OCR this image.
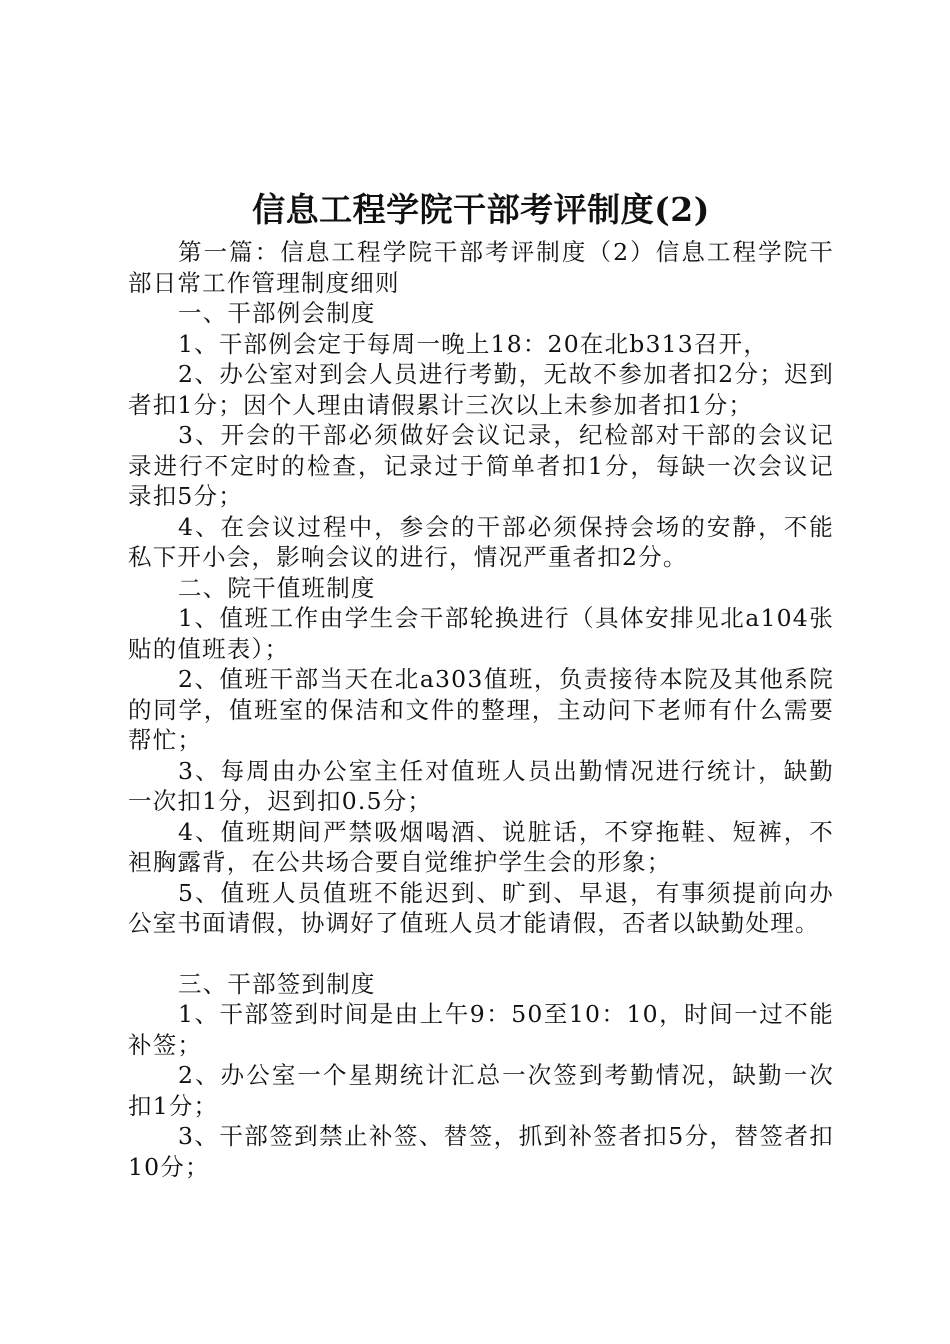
信息工程学院干部考评制度(2)

第一篇：信息工程学院干部考评制度（2）信息工程学院干部日常工作管理制度细则

一、干部例会制度

1、干部例会定于每周一晚上18：20在北b313召开，

2、办公室对到会人员进行考勤，无故不参加者扣2分；迟到者扣1分；因个人理由请假累计三次以上未参加者扣1分；

3、开会的干部必须做好会议记录，纪检部对干部的会议记录进行不定时的检查，记录过于简单者扣1分，每缺一次会议记录扣5分；

4、在会议过程中，参会的干部必须保持会场的安静，不能私下开小会，影响会议的进行，情况严重者扣2分。

二、院干值班制度

1、值班工作由学生会干部轮换进行（具体安排见北a104张贴的值班表）；

2、值班干部当天在北a303值班，负责接待本院及其他系院的同学，值班室的保洁和文件的整理，主动问下老师有什么需要帮忙；

3、每周由办公室主任对值班人员出勤情况进行统计，缺勤一次扣1分，迟到扣0.5分；

4、值班期间严禁吸烟喝酒、说脏话，不穿拖鞋、短裤，不袒胸露背，在公共场合要自觉维护学生会的形象；

5、值班人员值班不能迟到、旷到、早退，有事须提前向办公室书面请假，协调好了值班人员才能请假，否者以缺勤处理。

三、干部签到制度

1、干部签到时间是由上午9：50至10：10，时间一过不能补签；

2、办公室一个星期统计汇总一次签到考勤情况，缺勤一次扣1分；

3、干部签到禁止补签、替签，抓到补签者扣5分，替签者扣10分；
